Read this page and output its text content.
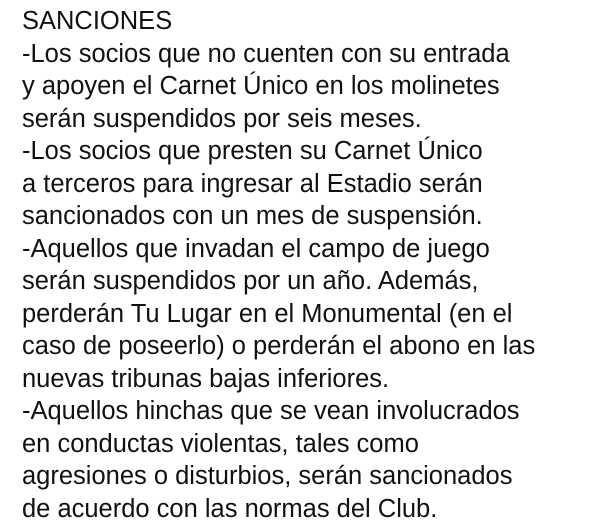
SANCIONES
-Los socios que no cuenten con su entrada
y apoyen el Carnet Único en los molinetes
serán suspendidos por seis meses.
-Los socios que presten su Carnet Único
a terceros para ingresar al Estadio serán
sancionados con un mes de suspensión.
-Aquellos que invadan el campo de juego
serán suspendidos por un año. Además,
perderán Tu Lugar en el Monumental (en el
caso de poseerlo) o perderán el abono en las
nuevas tribunas bajas inferiores.
-Aquellos hinchas que se vean involucrados
en conductas violentas, tales como
agresiones o disturbios, serán sancionados
de acuerdo con las normas del Club.
